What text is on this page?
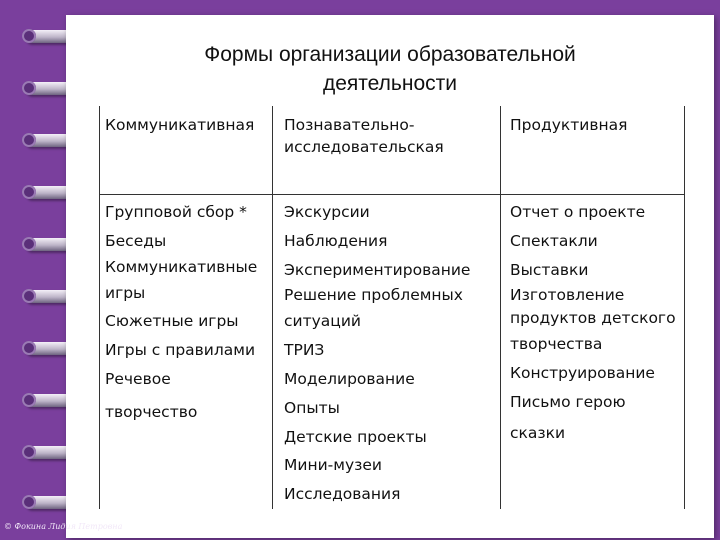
Формы организации образовательной
деятельности
Коммуникативная Познавательно-
исследовательская
Продуктивная
Групповой сбор *
Беседы
Коммуникативные
игры
Сюжетные игры
Игры с правилами
Речевое
творчество
Экскурсии
Наблюдения
Экспериментирование
Решение проблемных
ситуаций
ТРИЗ
Моделирование
Опыты
Детские проекты
Мини-музеи
Исследования
Отчет о проекте
Спектакли
Выставки
Изготовление
продуктов детского
творчества
Конструирование
Письмо герою
сказки
© Фокина Лидия Петровна
